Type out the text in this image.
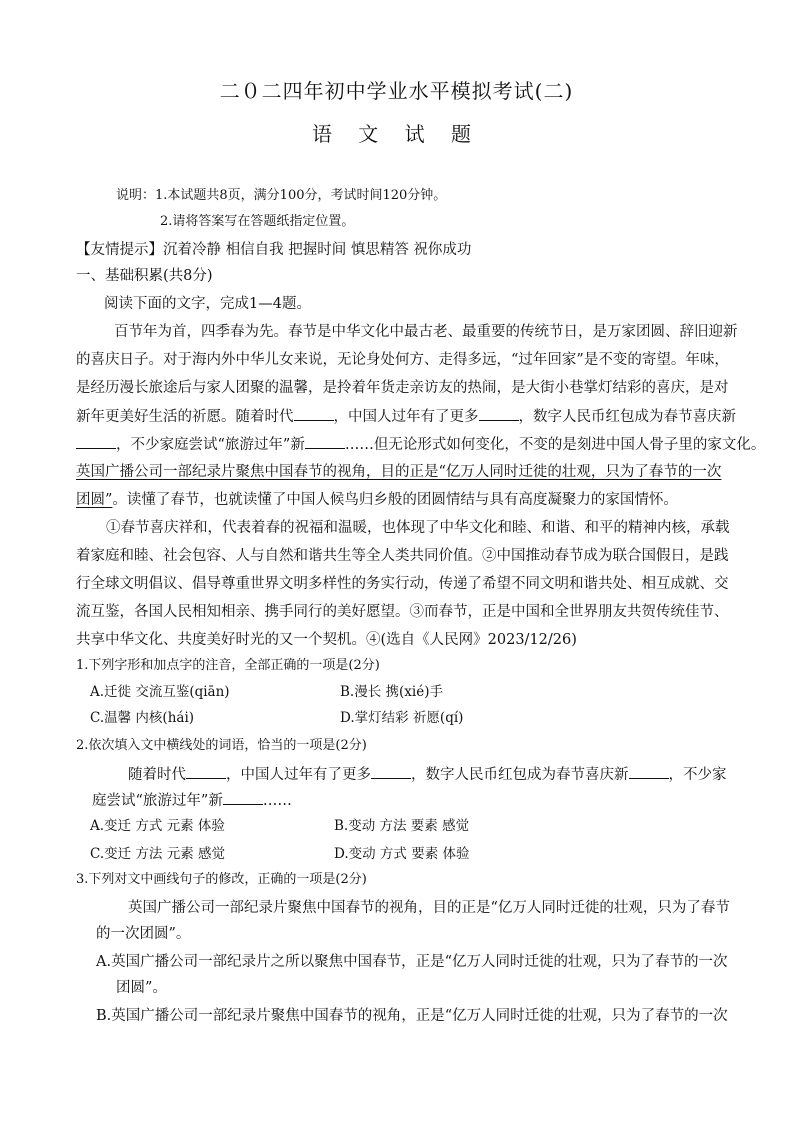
二０二四年初中学业水平模拟考试(二)
语 文 试 题
说明：1.本试题共8页，满分100分，考试时间120分钟。
2.请将答案写在答题纸指定位置。
【友情提示】沉着冷静 相信自我 把握时间 慎思精答 祝你成功
一、基础积累(共8分)
阅读下面的文字，完成1—4题。
百节年为首，四季春为先。春节是中华文化中最古老、最重要的传统节日，是万家团圆、辞旧迎新
的喜庆日子。对于海内外中华儿女来说，无论身处何方、走得多远，“过年回家”是不变的寄望。年味，
是经历漫长旅途后与家人团聚的温馨，是拎着年货走亲访友的热闹，是大街小巷掌灯结彩的喜庆，是对
新年更美好生活的祈愿。随着时代	，中国人过年有了更多	，数字人民币红包成为春节喜庆新
，不少家庭尝试“旅游过年”新	……但无论形式如何变化，不变的是刻进中国人骨子里的家文化。
英国广播公司一部纪录片聚焦中国春节的视角，目的正是“亿万人同时迁徙的壮观，只为了春节的一次
团圆”。读懂了春节，也就读懂了中国人候鸟归乡般的团圆情结与具有高度凝聚力的家国情怀。
①春节喜庆祥和，代表着春的祝福和温暖，也体现了中华文化和睦、和谐、和平的精神内核，承载
着家庭和睦、社会包容、人与自然和谐共生等全人类共同价值。②中国推动春节成为联合国假日，是践
行全球文明倡议、倡导尊重世界文明多样性的务实行动，传递了希望不同文明和谐共处、相互成就、交
流互鉴，各国人民相知相亲、携手同行的美好愿望。③而春节，正是中国和全世界朋友共贺传统佳节、
共享中华文化、共度美好时光的又一个契机。④(选自《人民网》2023/12/26)
1.下列字形和加点字的注音，全部正确的一项是(2分)
A.迁徙 交流互鉴(qiān)	B.漫长 携(xié)手
C.温馨 内核(hái)	D.掌灯结彩 祈愿(qí)
2.依次填入文中横线处的词语，恰当的一项是(2分)
随着时代	，中国人过年有了更多	，数字人民币红包成为春节喜庆新	，不少家
庭尝试“旅游过年”新	……
A.变迁 方式 元素 体验	B.变动 方法 要素 感觉
C.变迁 方法 元素 感觉	D.变动 方式 要素 体验
3.下列对文中画线句子的修改，正确的一项是(2分)
英国广播公司一部纪录片聚焦中国春节的视角，目的正是“亿万人同时迁徙的壮观，只为了春节
的一次团圆”。
A.英国广播公司一部纪录片之所以聚焦中国春节，正是“亿万人同时迁徙的壮观，只为了春节的一次
团圆”。
B.英国广播公司一部纪录片聚焦中国春节的视角，正是“亿万人同时迁徙的壮观，只为了春节的一次
